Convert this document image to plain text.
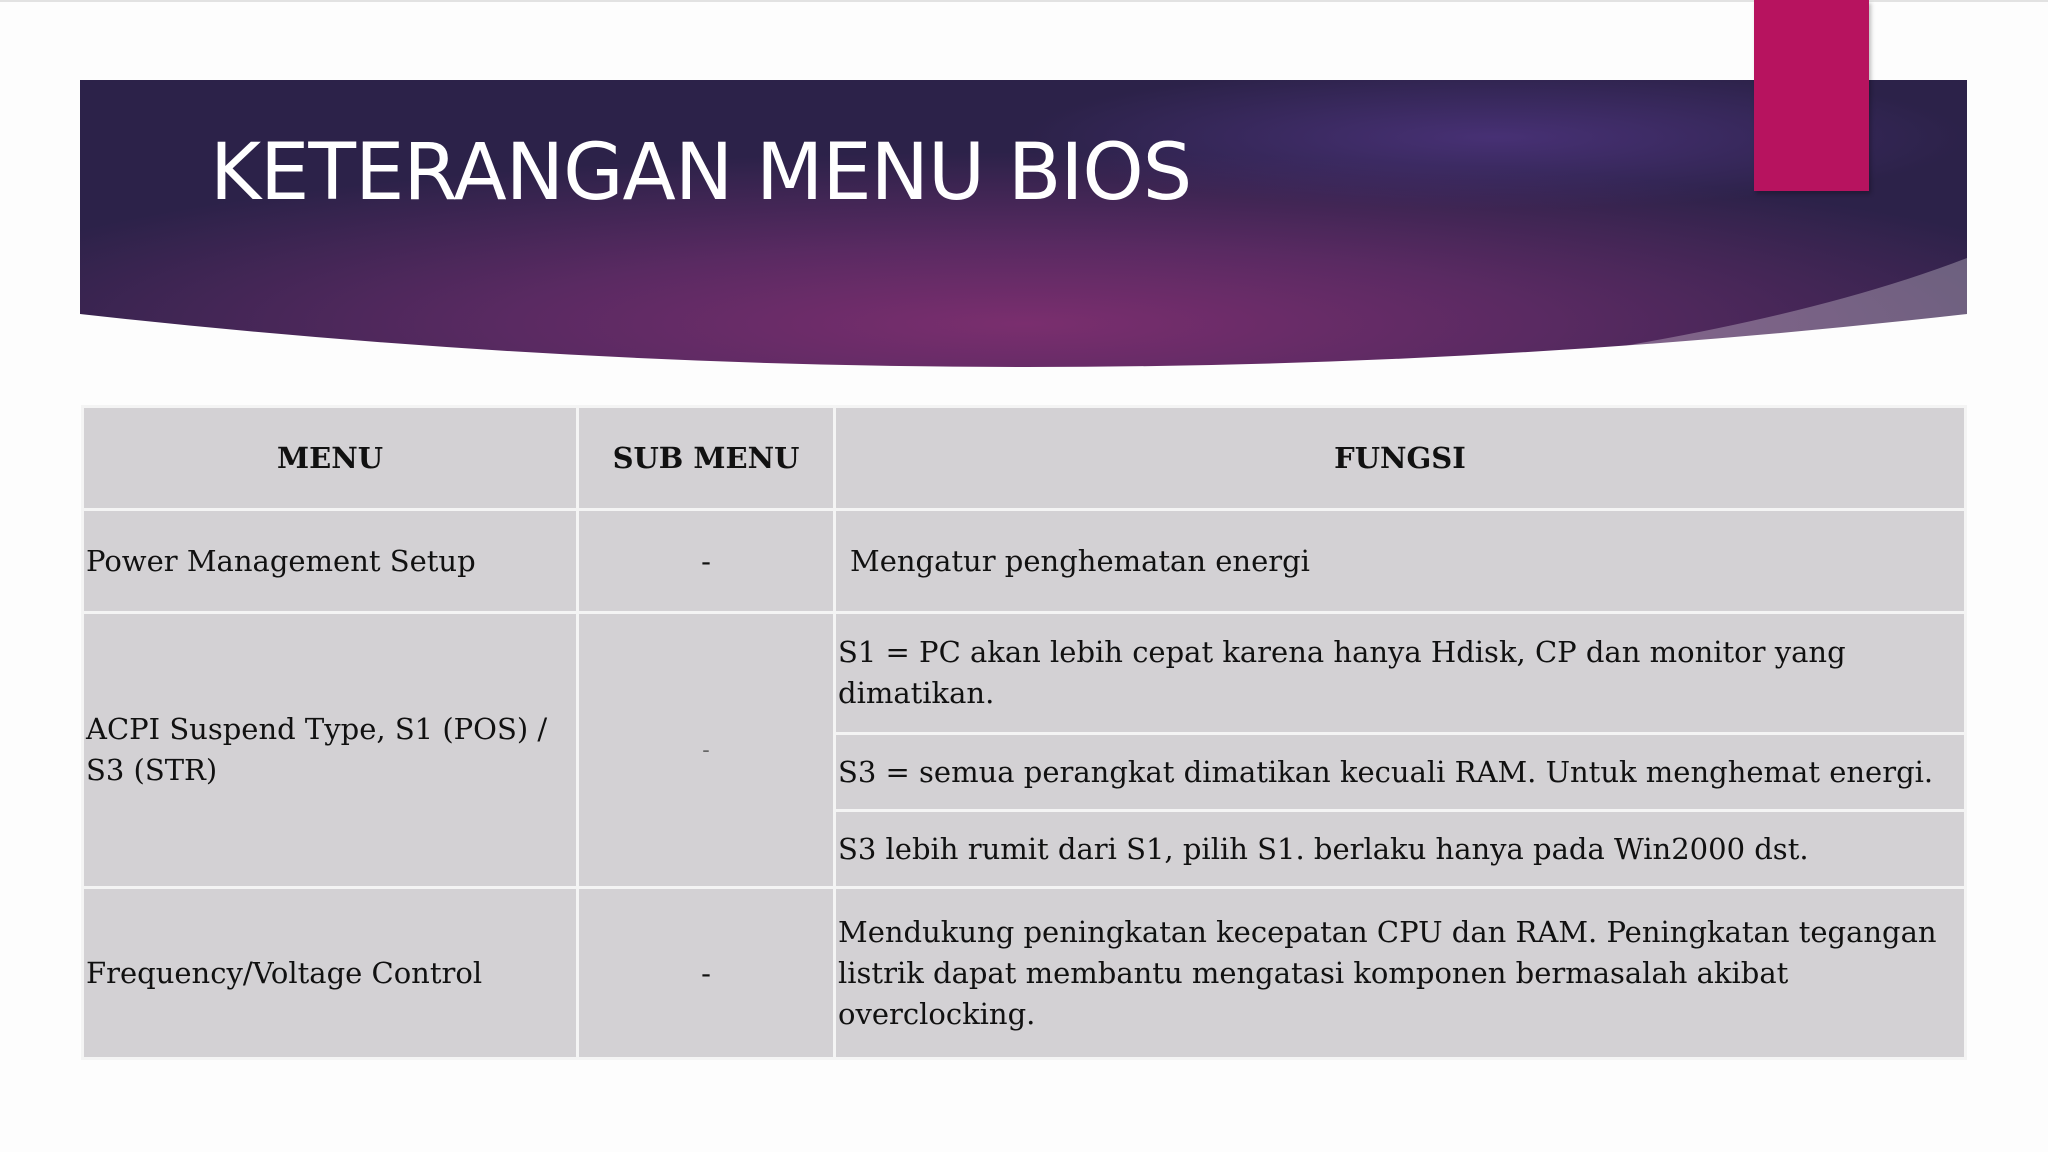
KETERANGAN MENU BIOS
MENU	SUB MENU	FUNGSI
Power Management Setup	-	Mengatur penghematan energi
ACPI Suspend Type, S1 (POS) / S3 (STR)	-	S1 = PC akan lebih cepat karena hanya Hdisk, CP dan monitor yang dimatikan.
		S3 = semua perangkat dimatikan kecuali RAM. Untuk menghemat energi.
		S3 lebih rumit dari S1, pilih S1. berlaku hanya pada Win2000 dst.
Frequency/Voltage Control	-	Mendukung peningkatan kecepatan CPU dan RAM. Peningkatan tegangan listrik dapat membantu mengatasi komponen bermasalah akibat overclocking.
